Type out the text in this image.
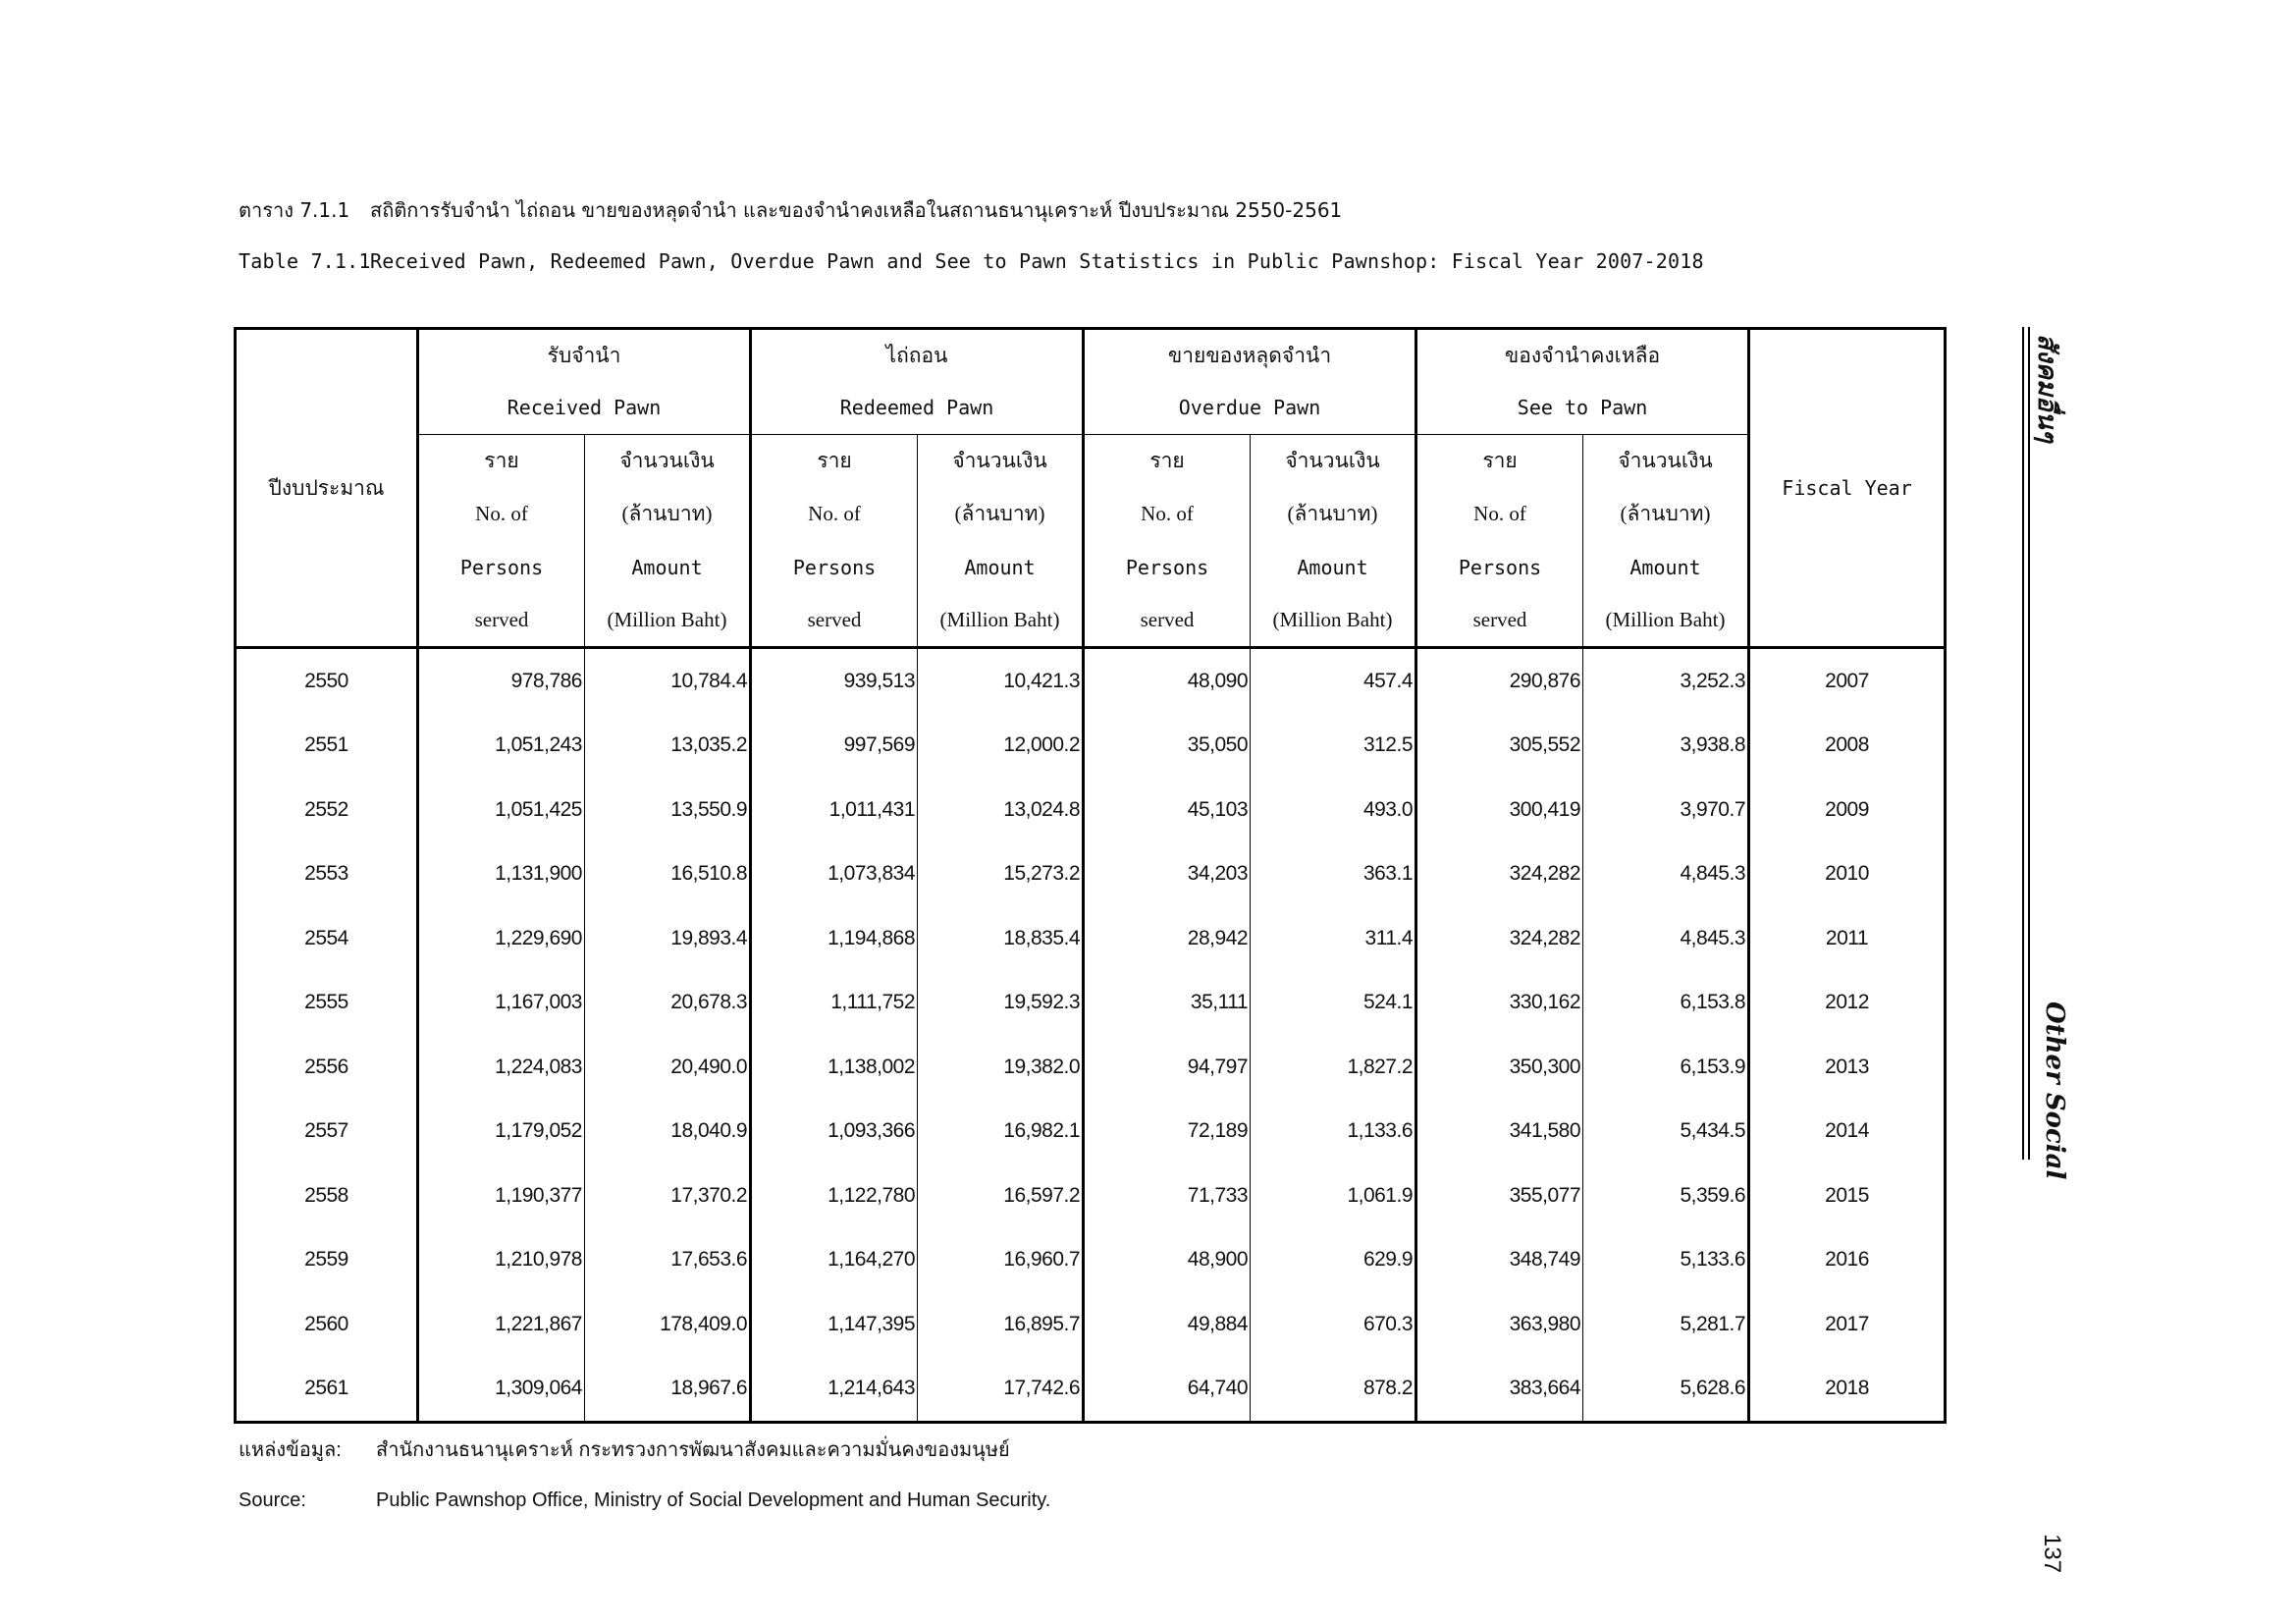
ตาราง 7.1.1 สถิติการรับจำนำ ไถ่ถอน ขายของหลุดจำนำ และของจำนำคงเหลือในสถานธนานุเคราะห์ ปีงบประมาณ 2550-2561
Table 7.1.1Received Pawn, Redeemed Pawn, Overdue Pawn and See to Pawn Statistics in Public Pawnshop: Fiscal Year 2007-2018
ปีงบประมาณ	รับจำนำ		ไถ่ถอน		ขายของหลุดจำนำ		ของจำนำคงเหลือ		Fiscal Year
	Received Pawn		Redeemed Pawn		Overdue Pawn		See to Pawn		
	ราย	จำนวนเงิน	ราย	จำนวนเงิน	ราย	จำนวนเงิน	ราย	จำนวนเงิน	
	No. of	(ล้านบาท)	No. of	(ล้านบาท)	No. of	(ล้านบาท)	No. of	(ล้านบาท)	
	Persons	Amount	Persons	Amount	Persons	Amount	Persons	Amount	
	served	(Million Baht)	served	(Million Baht)	served	(Million Baht)	served	(Million Baht)	
2550	978,786	10,784.4	939,513	10,421.3	48,090	457.4	290,876	3,252.3	2007
2551	1,051,243	13,035.2	997,569	12,000.2	35,050	312.5	305,552	3,938.8	2008
2552	1,051,425	13,550.9	1,011,431	13,024.8	45,103	493.0	300,419	3,970.7	2009
2553	1,131,900	16,510.8	1,073,834	15,273.2	34,203	363.1	324,282	4,845.3	2010
2554	1,229,690	19,893.4	1,194,868	18,835.4	28,942	311.4	324,282	4,845.3	2011
2555	1,167,003	20,678.3	1,111,752	19,592.3	35,111	524.1	330,162	6,153.8	2012
2556	1,224,083	20,490.0	1,138,002	19,382.0	94,797	1,827.2	350,300	6,153.9	2013
2557	1,179,052	18,040.9	1,093,366	16,982.1	72,189	1,133.6	341,580	5,434.5	2014
2558	1,190,377	17,370.2	1,122,780	16,597.2	71,733	1,061.9	355,077	5,359.6	2015
2559	1,210,978	17,653.6	1,164,270	16,960.7	48,900	629.9	348,749	5,133.6	2016
2560	1,221,867	178,409.0	1,147,395	16,895.7	49,884	670.3	363,980	5,281.7	2017
2561	1,309,064	18,967.6	1,214,643	17,742.6	64,740	878.2	383,664	5,628.6	2018
แหล่งข้อมูล: สำนักงานธนานุเคราะห์ กระทรวงการพัฒนาสังคมและความมั่นคงของมนุษย์
Source:	Public Pawnshop Office, Ministry of Social Development and Human Security.
สังคมอื่นๆ
Other Social
137
